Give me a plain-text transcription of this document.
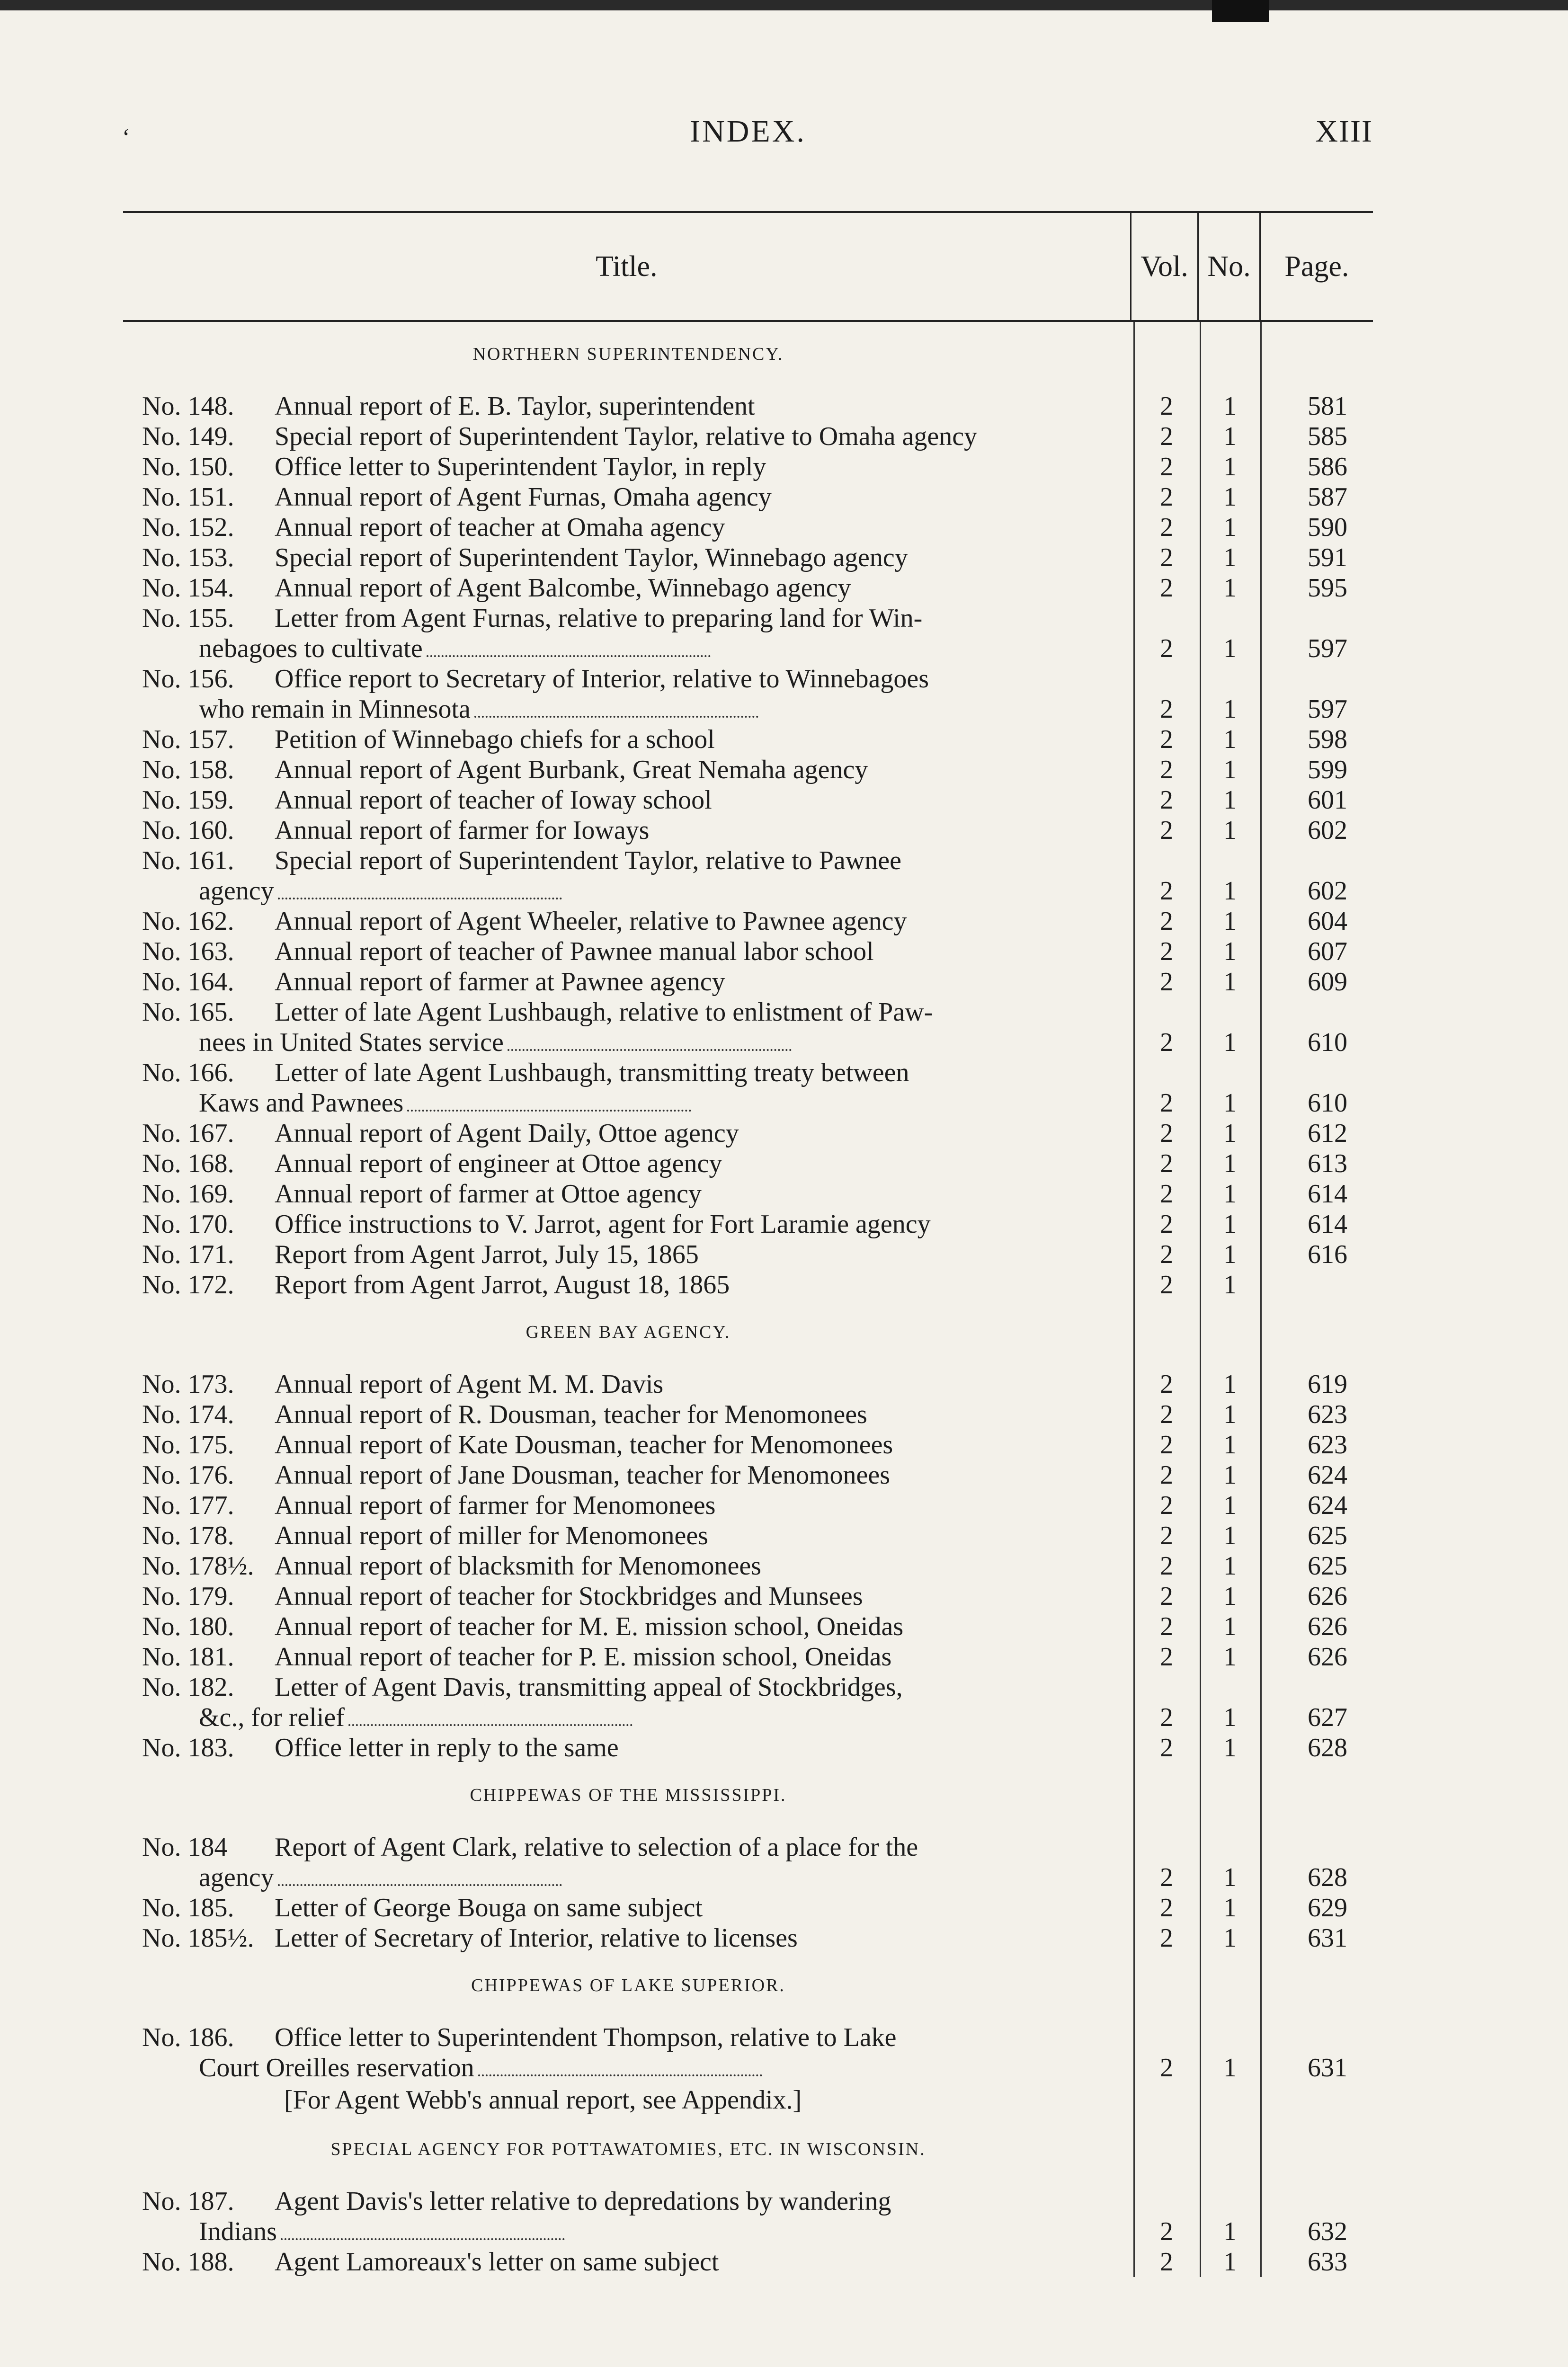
‘	INDEX.	XIII
Title.	Vol. No.	Page.
NORTHERN SUPERINTENDENCY.
No. 148. Annual report of E. B. Taylor, superintendent	2	1	581
No. 149. Special report of Superintendent Taylor, relative to Omaha agency	2	1	585
No. 150. Office letter to Superintendent Taylor, in reply	2	1	586
No. 151. Annual report of Agent Furnas, Omaha agency	2	1	587
No. 152. Annual report of teacher at Omaha agency	2	1	590
No. 153. Special report of Superintendent Taylor, Winnebago agency	2	1	591
No. 154. Annual report of Agent Balcombe, Winnebago agency	2	1	595
No. 155. Letter from Agent Furnas, relative to preparing land for Win-
nebagoes to cultivate	2	1	597
No. 156. Office report to Secretary of Interior, relative to Winnebagoes
who remain in Minnesota	2	1	597
No. 157. Petition of Winnebago chiefs for a school	2	1	598
No. 158. Annual report of Agent Burbank, Great Nemaha agency	2	1	599
No. 159. Annual report of teacher of Ioway school	2	1	601
No. 160. Annual report of farmer for Ioways	2	1	602
No. 161. Special report of Superintendent Taylor, relative to Pawnee
agency	2	1	602
No. 162. Annual report of Agent Wheeler, relative to Pawnee agency	2	1	604
No. 163. Annual report of teacher of Pawnee manual labor school	2	1	607
No. 164. Annual report of farmer at Pawnee agency	2	1	609
No. 165. Letter of late Agent Lushbaugh, relative to enlistment of Paw-
nees in United States service	2	1	610
No. 166. Letter of late Agent Lushbaugh, transmitting treaty between
Kaws and Pawnees	2	1	610
No. 167. Annual report of Agent Daily, Ottoe agency	2	1	612
No. 168. Annual report of engineer at Ottoe agency	2	1	613
No. 169. Annual report of farmer at Ottoe agency	2	1	614
No. 170. Office instructions to V. Jarrot, agent for Fort Laramie agency	2	1	614
No. 171. Report from Agent Jarrot, July 15, 1865	2	1	616
No. 172. Report from Agent Jarrot, August 18, 1865	2	1
GREEN BAY AGENCY.
No. 173. Annual report of Agent M. M. Davis	2	1	619
No. 174. Annual report of R. Dousman, teacher for Menomonees	2	1	623
No. 175. Annual report of Kate Dousman, teacher for Menomonees	2	1	623
No. 176. Annual report of Jane Dousman, teacher for Menomonees	2	1	624
No. 177. Annual report of farmer for Menomonees	2	1	624
No. 178. Annual report of miller for Menomonees	2	1	625
No. 178½. Annual report of blacksmith for Menomonees	2	1	625
No. 179. Annual report of teacher for Stockbridges and Munsees	2	1	626
No. 180. Annual report of teacher for M. E. mission school, Oneidas	2	1	626
No. 181. Annual report of teacher for P. E. mission school, Oneidas	2	1	626
No. 182. Letter of Agent Davis, transmitting appeal of Stockbridges,
&c., for relief	2	1	627
No. 183. Office letter in reply to the same	2	1	628
CHIPPEWAS OF THE MISSISSIPPI.
No. 184 Report of Agent Clark, relative to selection of a place for the
agency	2	1	628
No. 185. Letter of George Bouga on same subject	2	1	629
No. 185½. Letter of Secretary of Interior, relative to licenses	2	1	631
CHIPPEWAS OF LAKE SUPERIOR.
No. 186. Office letter to Superintendent Thompson, relative to Lake
Court Oreilles reservation	2	1	631
[For Agent Webb's annual report, see Appendix.]
SPECIAL AGENCY FOR POTTAWATOMIES, ETC. IN WISCONSIN.
No. 187. Agent Davis's letter relative to depredations by wandering
Indians	2	1	632
No. 188. Agent Lamoreaux's letter on same subject	2	1	633
